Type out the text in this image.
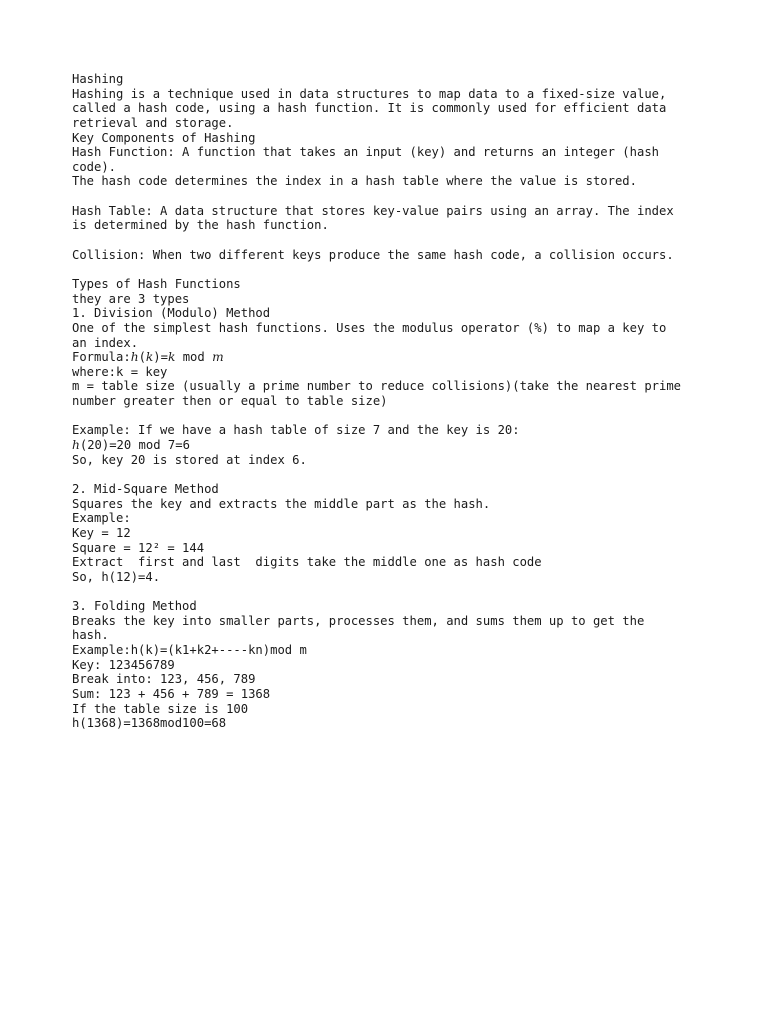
Hashing
Hashing is a technique used in data structures to map data to a fixed-size value,
called a hash code, using a hash function. It is commonly used for efficient data
retrieval and storage.
Key Components of Hashing
Hash Function: A function that takes an input (key) and returns an integer (hash
code).
The hash code determines the index in a hash table where the value is stored.
Hash Table: A data structure that stores key-value pairs using an array. The index
is determined by the hash function.
Collision: When two different keys produce the same hash code, a collision occurs.
Types of Hash Functions
they are 3 types
1. Division (Modulo) Method
One of the simplest hash functions. Uses the modulus operator (%) to map a key to
an index.
Formula:h(k)=k mod m
where:k = key
m = table size (usually a prime number to reduce collisions)(take the nearest prime
number greater then or equal to table size)
Example: If we have a hash table of size 7 and the key is 20:
h(20)=20 mod 7=6
So, key 20 is stored at index 6.
2. Mid-Square Method
Squares the key and extracts the middle part as the hash.
Example:
Key = 12
Square = 12² = 144
Extract  first and last  digits take the middle one as hash code
So, h(12)=4.
3. Folding Method
Breaks the key into smaller parts, processes them, and sums them up to get the
hash.
Example:h(k)=(k1+k2+----kn)mod m
Key: 123456789
Break into: 123, 456, 789
Sum: 123 + 456 + 789 = 1368
If the table size is 100
h(1368)=1368mod100=68
